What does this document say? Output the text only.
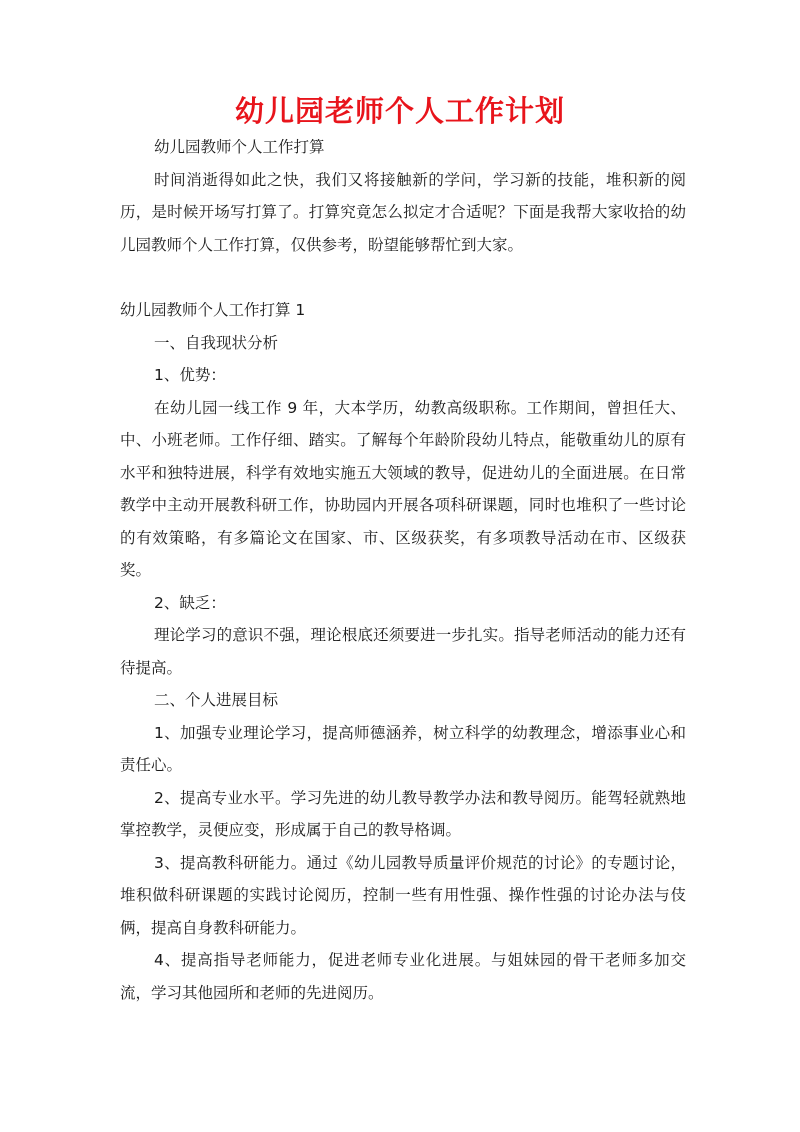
幼儿园老师个人工作计划

幼儿园教师个人工作打算

时间消逝得如此之快，我们又将接触新的学问，学习新的技能，堆积新的阅历，是时候开场写打算了。打算究竟怎么拟定才合适呢？下面是我帮大家收拾的幼儿园教师个人工作打算，仅供参考，盼望能够帮忙到大家。

幼儿园教师个人工作打算 1

一、自我现状分析

1、优势：

在幼儿园一线工作 9 年，大本学历，幼教高级职称。工作期间，曾担任大、中、小班老师。工作仔细、踏实。了解每个年龄阶段幼儿特点，能敬重幼儿的原有水平和独特进展，科学有效地实施五大领域的教导，促进幼儿的全面进展。在日常教学中主动开展教科研工作，协助园内开展各项科研课题，同时也堆积了一些讨论的有效策略，有多篇论文在国家、市、区级获奖，有多项教导活动在市、区级获奖。

2、缺乏：

理论学习的意识不强，理论根底还须要进一步扎实。指导老师活动的能力还有待提高。

二、个人进展目标

1、加强专业理论学习，提高师德涵养，树立科学的幼教理念，增添事业心和责任心。

2、提高专业水平。学习先进的幼儿教导教学办法和教导阅历。能驾轻就熟地掌控教学，灵便应变，形成属于自己的教导格调。

3、提高教科研能力。通过《幼儿园教导质量评价规范的讨论》的专题讨论，堆积做科研课题的实践讨论阅历，控制一些有用性强、操作性强的讨论办法与伎俩，提高自身教科研能力。

4、提高指导老师能力，促进老师专业化进展。与姐妹园的骨干老师多加交流，学习其他园所和老师的先进阅历。
